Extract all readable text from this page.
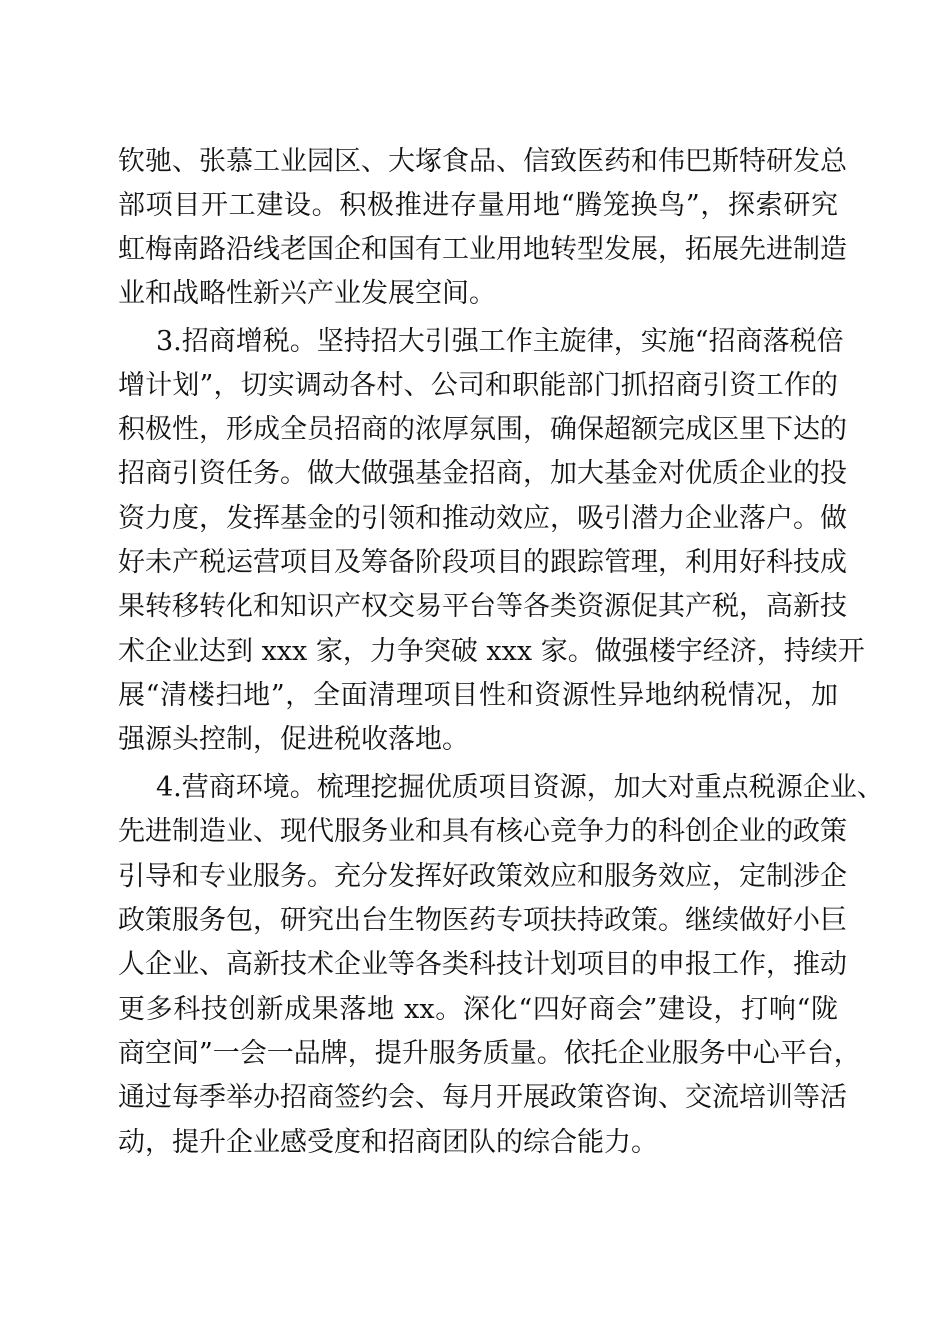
钦驰、张慕工业园区、大塚食品、信致医药和伟巴斯特研发总
部项目开工建设。积极推进存量用地“腾笼换鸟”，探索研究
虹梅南路沿线老国企和国有工业用地转型发展，拓展先进制造
业和战略性新兴产业发展空间。
3.招商增税。坚持招大引强工作主旋律，实施“招商落税倍
增计划”，切实调动各村、公司和职能部门抓招商引资工作的
积极性，形成全员招商的浓厚氛围，确保超额完成区里下达的
招商引资任务。做大做强基金招商，加大基金对优质企业的投
资力度，发挥基金的引领和推动效应，吸引潜力企业落户。做
好未产税运营项目及筹备阶段项目的跟踪管理，利用好科技成
果转移转化和知识产权交易平台等各类资源促其产税，高新技
术企业达到 xxx 家，力争突破 xxx 家。做强楼宇经济，持续开
展“清楼扫地”，全面清理项目性和资源性异地纳税情况，加
强源头控制，促进税收落地。
4.营商环境。梳理挖掘优质项目资源，加大对重点税源企业、
先进制造业、现代服务业和具有核心竞争力的科创企业的政策
引导和专业服务。充分发挥好政策效应和服务效应，定制涉企
政策服务包，研究出台生物医药专项扶持政策。继续做好小巨
人企业、高新技术企业等各类科技计划项目的申报工作，推动
更多科技创新成果落地 xx。深化“四好商会”建设，打响“陇
商空间”一会一品牌，提升服务质量。依托企业服务中心平台，
通过每季举办招商签约会、每月开展政策咨询、交流培训等活
动，提升企业感受度和招商团队的综合能力。
